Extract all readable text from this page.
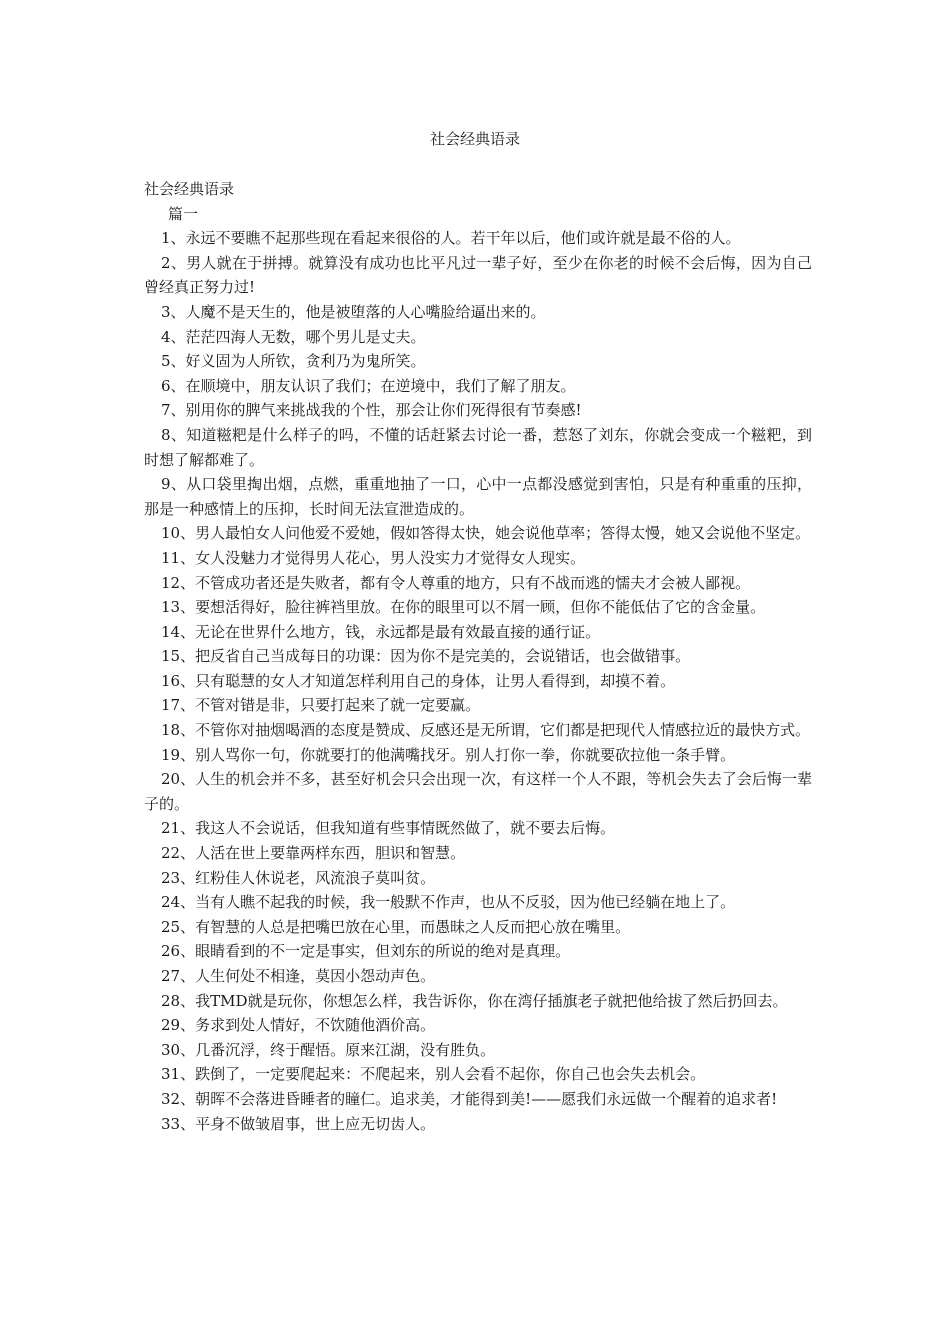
社会经典语录
社会经典语录

篇一

1、永远不要瞧不起那些现在看起来很俗的人。若干年以后，他们或许就是最不俗的人。
2、男人就在于拼搏。就算没有成功也比平凡过一辈子好，至少在你老的时候不会后悔，因为自己曾经真正努力过!
3、人魔不是天生的，他是被堕落的人心嘴脸给逼出来的。
4、茫茫四海人无数，哪个男儿是丈夫。
5、好义固为人所钦，贪利乃为鬼所笑。
6、在顺境中，朋友认识了我们；在逆境中，我们了解了朋友。
7、别用你的脾气来挑战我的个性，那会让你们死得很有节奏感!
8、知道糍粑是什么样子的吗，不懂的话赶紧去讨论一番，惹怒了刘东，你就会变成一个糍粑，到时想了解都难了。
9、从口袋里掏出烟，点燃，重重地抽了一口，心中一点都没感觉到害怕，只是有种重重的压抑，那是一种感情上的压抑，长时间无法宣泄造成的。
10、男人最怕女人问他爱不爱她，假如答得太快，她会说他草率；答得太慢，她又会说他不坚定。
11、女人没魅力才觉得男人花心，男人没实力才觉得女人现实。
12、不管成功者还是失败者，都有令人尊重的地方，只有不战而逃的懦夫才会被人鄙视。
13、要想活得好，脸往裤裆里放。在你的眼里可以不屑一顾，但你不能低估了它的含金量。
14、无论在世界什么地方，钱，永远都是最有效最直接的通行证。
15、把反省自己当成每日的功课：因为你不是完美的，会说错话，也会做错事。
16、只有聪慧的女人才知道怎样利用自己的身体，让男人看得到，却摸不着。
17、不管对错是非，只要打起来了就一定要赢。
18、不管你对抽烟喝酒的态度是赞成、反感还是无所谓，它们都是把现代人情感拉近的最快方式。
19、别人骂你一句，你就要打的他满嘴找牙。别人打你一拳，你就要砍拉他一条手臂。
20、人生的机会并不多，甚至好机会只会出现一次，有这样一个人不跟，等机会失去了会后悔一辈子的。
21、我这人不会说话，但我知道有些事情既然做了，就不要去后悔。
22、人活在世上要靠两样东西，胆识和智慧。
23、红粉佳人休说老，风流浪子莫叫贫。
24、当有人瞧不起我的时候，我一般默不作声，也从不反驳，因为他已经躺在地上了。
25、有智慧的人总是把嘴巴放在心里，而愚昧之人反而把心放在嘴里。
26、眼睛看到的不一定是事实，但刘东的所说的绝对是真理。
27、人生何处不相逢，莫因小怨动声色。
28、我TMD就是玩你，你想怎么样，我告诉你，你在湾仔插旗老子就把他给拔了然后扔回去。
29、务求到处人情好，不饮随他酒价高。
30、几番沉浮，终于醒悟。原来江湖，没有胜负。
31、跌倒了，一定要爬起来：不爬起来，别人会看不起你，你自己也会失去机会。
32、朝晖不会落进昏睡者的瞳仁。追求美，才能得到美!——愿我们永远做一个醒着的追求者!
33、平身不做皱眉事，世上应无切齿人。
